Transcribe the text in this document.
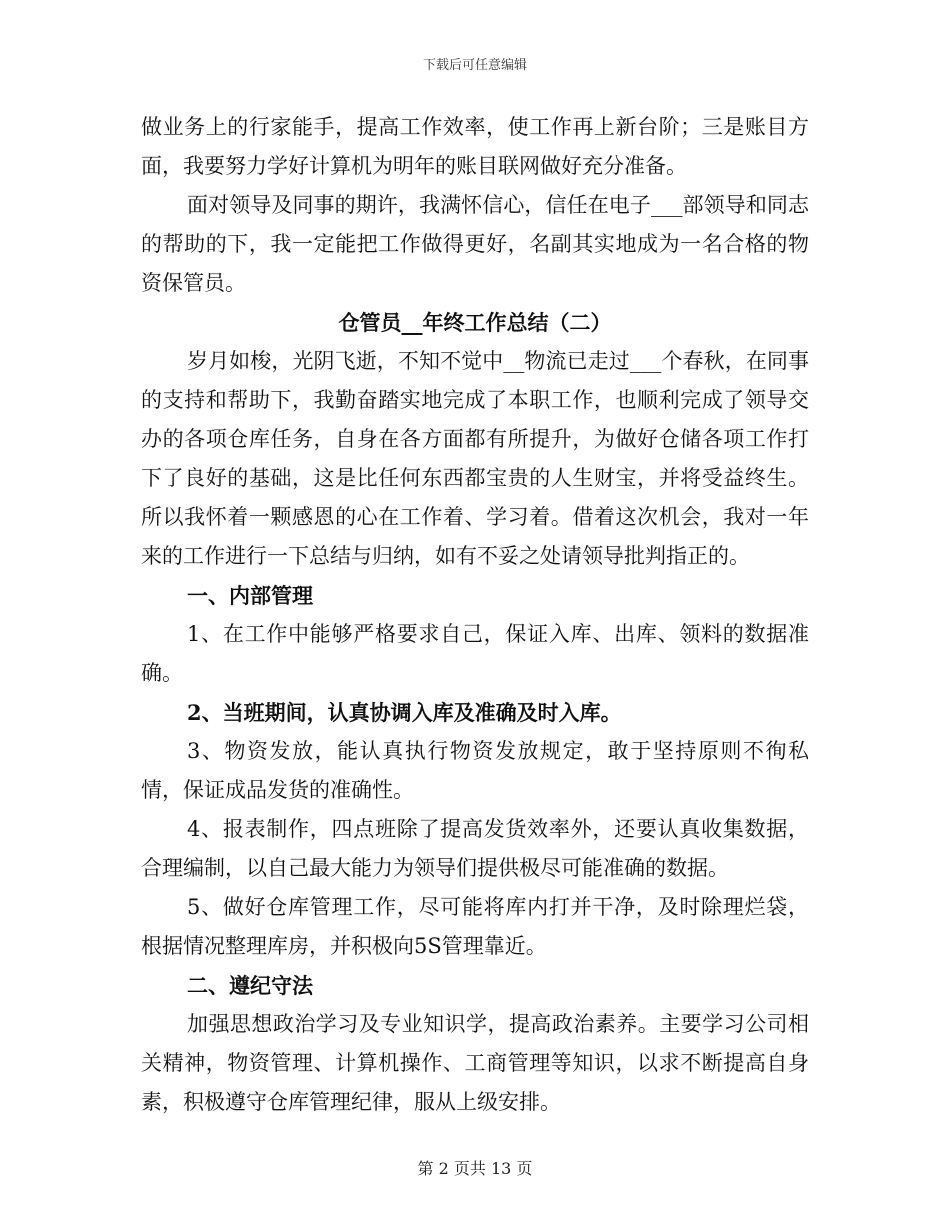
下载后可任意编辑

做业务上的行家能手，提高工作效率，使工作再上新台阶；三是账目方面，我要努力学好计算机为明年的账目联网做好充分准备。

面对领导及同事的期许，我满怀信心，信任在电子___部领导和同志的帮助的下，我一定能把工作做得更好，名副其实地成为一名合格的物资保管员。

仓管员__年终工作总结（二）

岁月如梭，光阴飞逝，不知不觉中__物流已走过___个春秋，在同事的支持和帮助下，我勤奋踏实地完成了本职工作，也顺利完成了领导交办的各项仓库任务，自身在各方面都有所提升，为做好仓储各项工作打下了良好的基础，这是比任何东西都宝贵的人生财宝，并将受益终生。所以我怀着一颗感恩的心在工作着、学习着。借着这次机会，我对一年来的工作进行一下总结与归纳，如有不妥之处请领导批判指正的。

一、内部管理

1、在工作中能够严格要求自己，保证入库、出库、领料的数据准确。

2、当班期间，认真协调入库及准确及时入库。

3、物资发放，能认真执行物资发放规定，敢于坚持原则不徇私情，保证成品发货的准确性。

4、报表制作，四点班除了提高发货效率外，还要认真收集数据，合理编制，以自己最大能力为领导们提供极尽可能准确的数据。

5、做好仓库管理工作，尽可能将库内打并干净，及时除理烂袋，根据情况整理库房，并积极向5S管理靠近。

二、遵纪守法

加强思想政治学习及专业知识学，提高政治素养。主要学习公司相关精神，物资管理、计算机操作、工商管理等知识，以求不断提高自身素，积极遵守仓库管理纪律，服从上级安排。

第 2 页共 13 页
